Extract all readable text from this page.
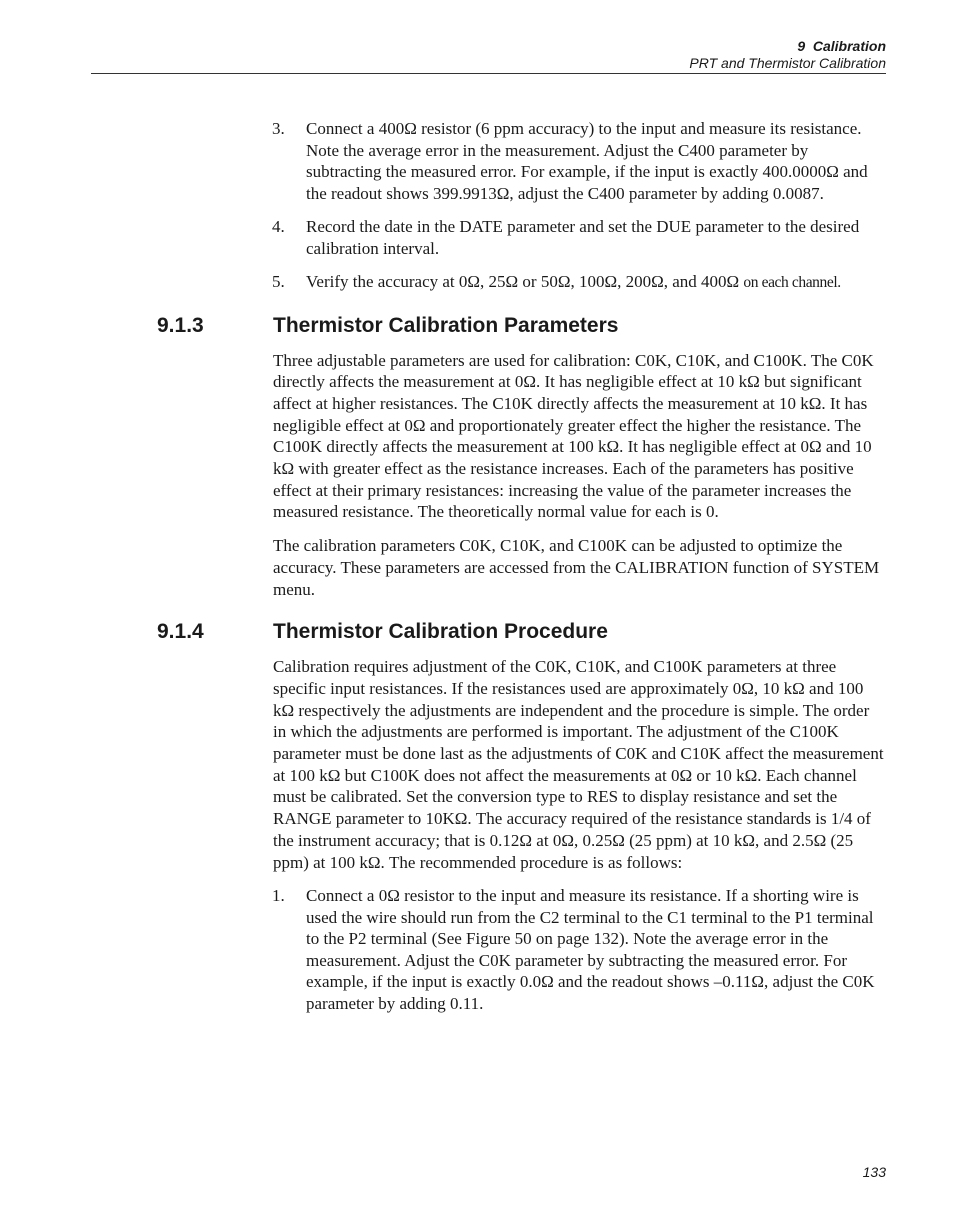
9  Calibration
PRT and Thermistor Calibration
3. Connect a 400Ω resistor (6 ppm accuracy) to the input and measure its resistance. Note the average error in the measurement. Adjust the C400 parameter by subtracting the measured error. For example, if the input is exactly 400.0000Ω and the readout shows 399.9913Ω, adjust the C400 parameter by adding 0.0087.
4. Record the date in the DATE parameter and set the DUE parameter to the desired calibration interval.
5. Verify the accuracy at 0Ω, 25Ω or 50Ω, 100Ω, 200Ω, and 400Ω on each channel.
9.1.3	Thermistor Calibration Parameters

Three adjustable parameters are used for calibration: C0K, C10K, and C100K. The C0K directly affects the measurement at 0Ω. It has negligible effect at 10 kΩ but significant affect at higher resistances. The C10K directly affects the measurement at 10 kΩ. It has negligible effect at 0Ω and proportionately greater effect the higher the resistance. The C100K directly affects the measurement at 100 kΩ. It has negligible effect at 0Ω and 10 kΩ with greater effect as the resistance increases. Each of the parameters has positive effect at their primary resistances: increasing the value of the parameter increases the measured resistance. The theoretically normal value for each is 0.

The calibration parameters C0K, C10K, and C100K can be adjusted to optimize the accuracy. These parameters are accessed from the CALIBRATION function of SYSTEM menu.

9.1.4	Thermistor Calibration Procedure

Calibration requires adjustment of the C0K, C10K, and C100K parameters at three specific input resistances. If the resistances used are approximately 0Ω, 10 kΩ and 100 kΩ respectively the adjustments are independent and the procedure is simple. The order in which the adjustments are performed is important. The adjustment of the C100K parameter must be done last as the adjustments of C0K and C10K affect the measurement at 100 kΩ but C100K does not affect the measurements at 0Ω or 10 kΩ. Each channel must be calibrated. Set the conversion type to RES to display resistance and set the RANGE parameter to 10KΩ. The accuracy required of the resistance standards is 1/4 of the instrument accuracy; that is 0.12Ω at 0Ω, 0.25Ω (25 ppm) at 10 kΩ, and 2.5Ω (25 ppm) at 100 kΩ. The recommended procedure is as follows:

1. Connect a 0Ω resistor to the input and measure its resistance. If a shorting wire is used the wire should run from the C2 terminal to the C1 terminal to the P1 terminal to the P2 terminal (See Figure 50 on page 132). Note the average error in the measurement. Adjust the C0K parameter by subtracting the measured error. For example, if the input is exactly 0.0Ω and the readout shows –0.11Ω, adjust the C0K parameter by adding 0.11.
133
